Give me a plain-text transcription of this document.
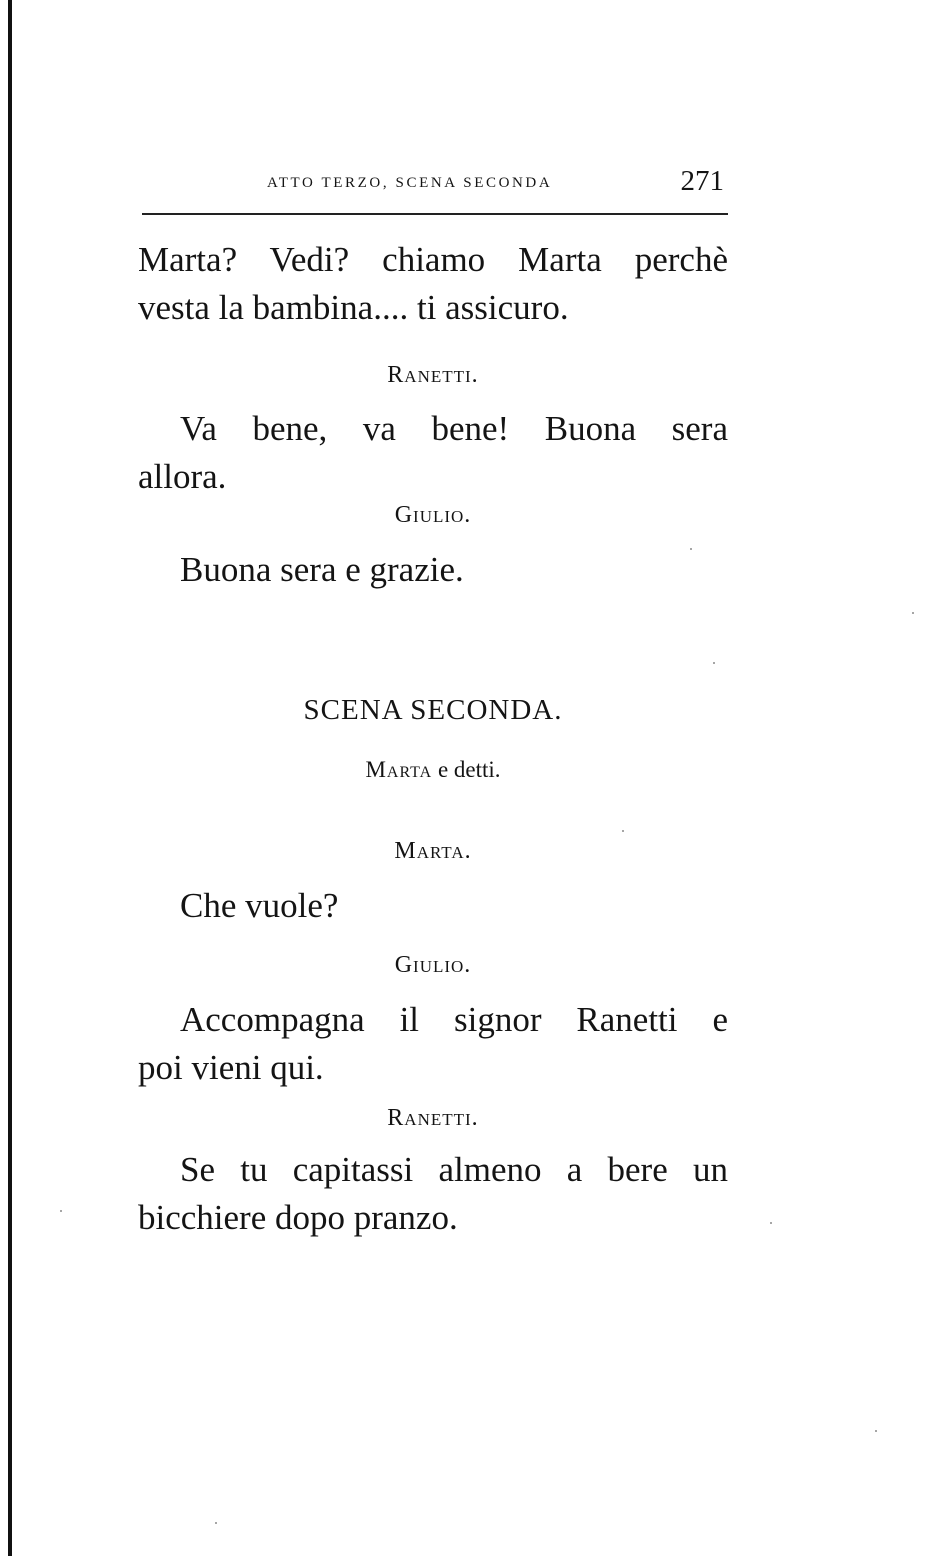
ATTO TERZO, SCENA SECONDA	271
Marta? Vedi? chiamo Marta perchè
vesta la bambina.... ti assicuro.
Ranetti.
Va bene, va bene! Buona sera
allora.
Giulio.
Buona sera e grazie.
SCENA SECONDA.
Marta e detti.
Marta.
Che vuole?
Giulio.
Accompagna il signor Ranetti e
poi vieni qui.
Ranetti.
Se tu capitassi almeno a bere un
bicchiere dopo pranzo.
